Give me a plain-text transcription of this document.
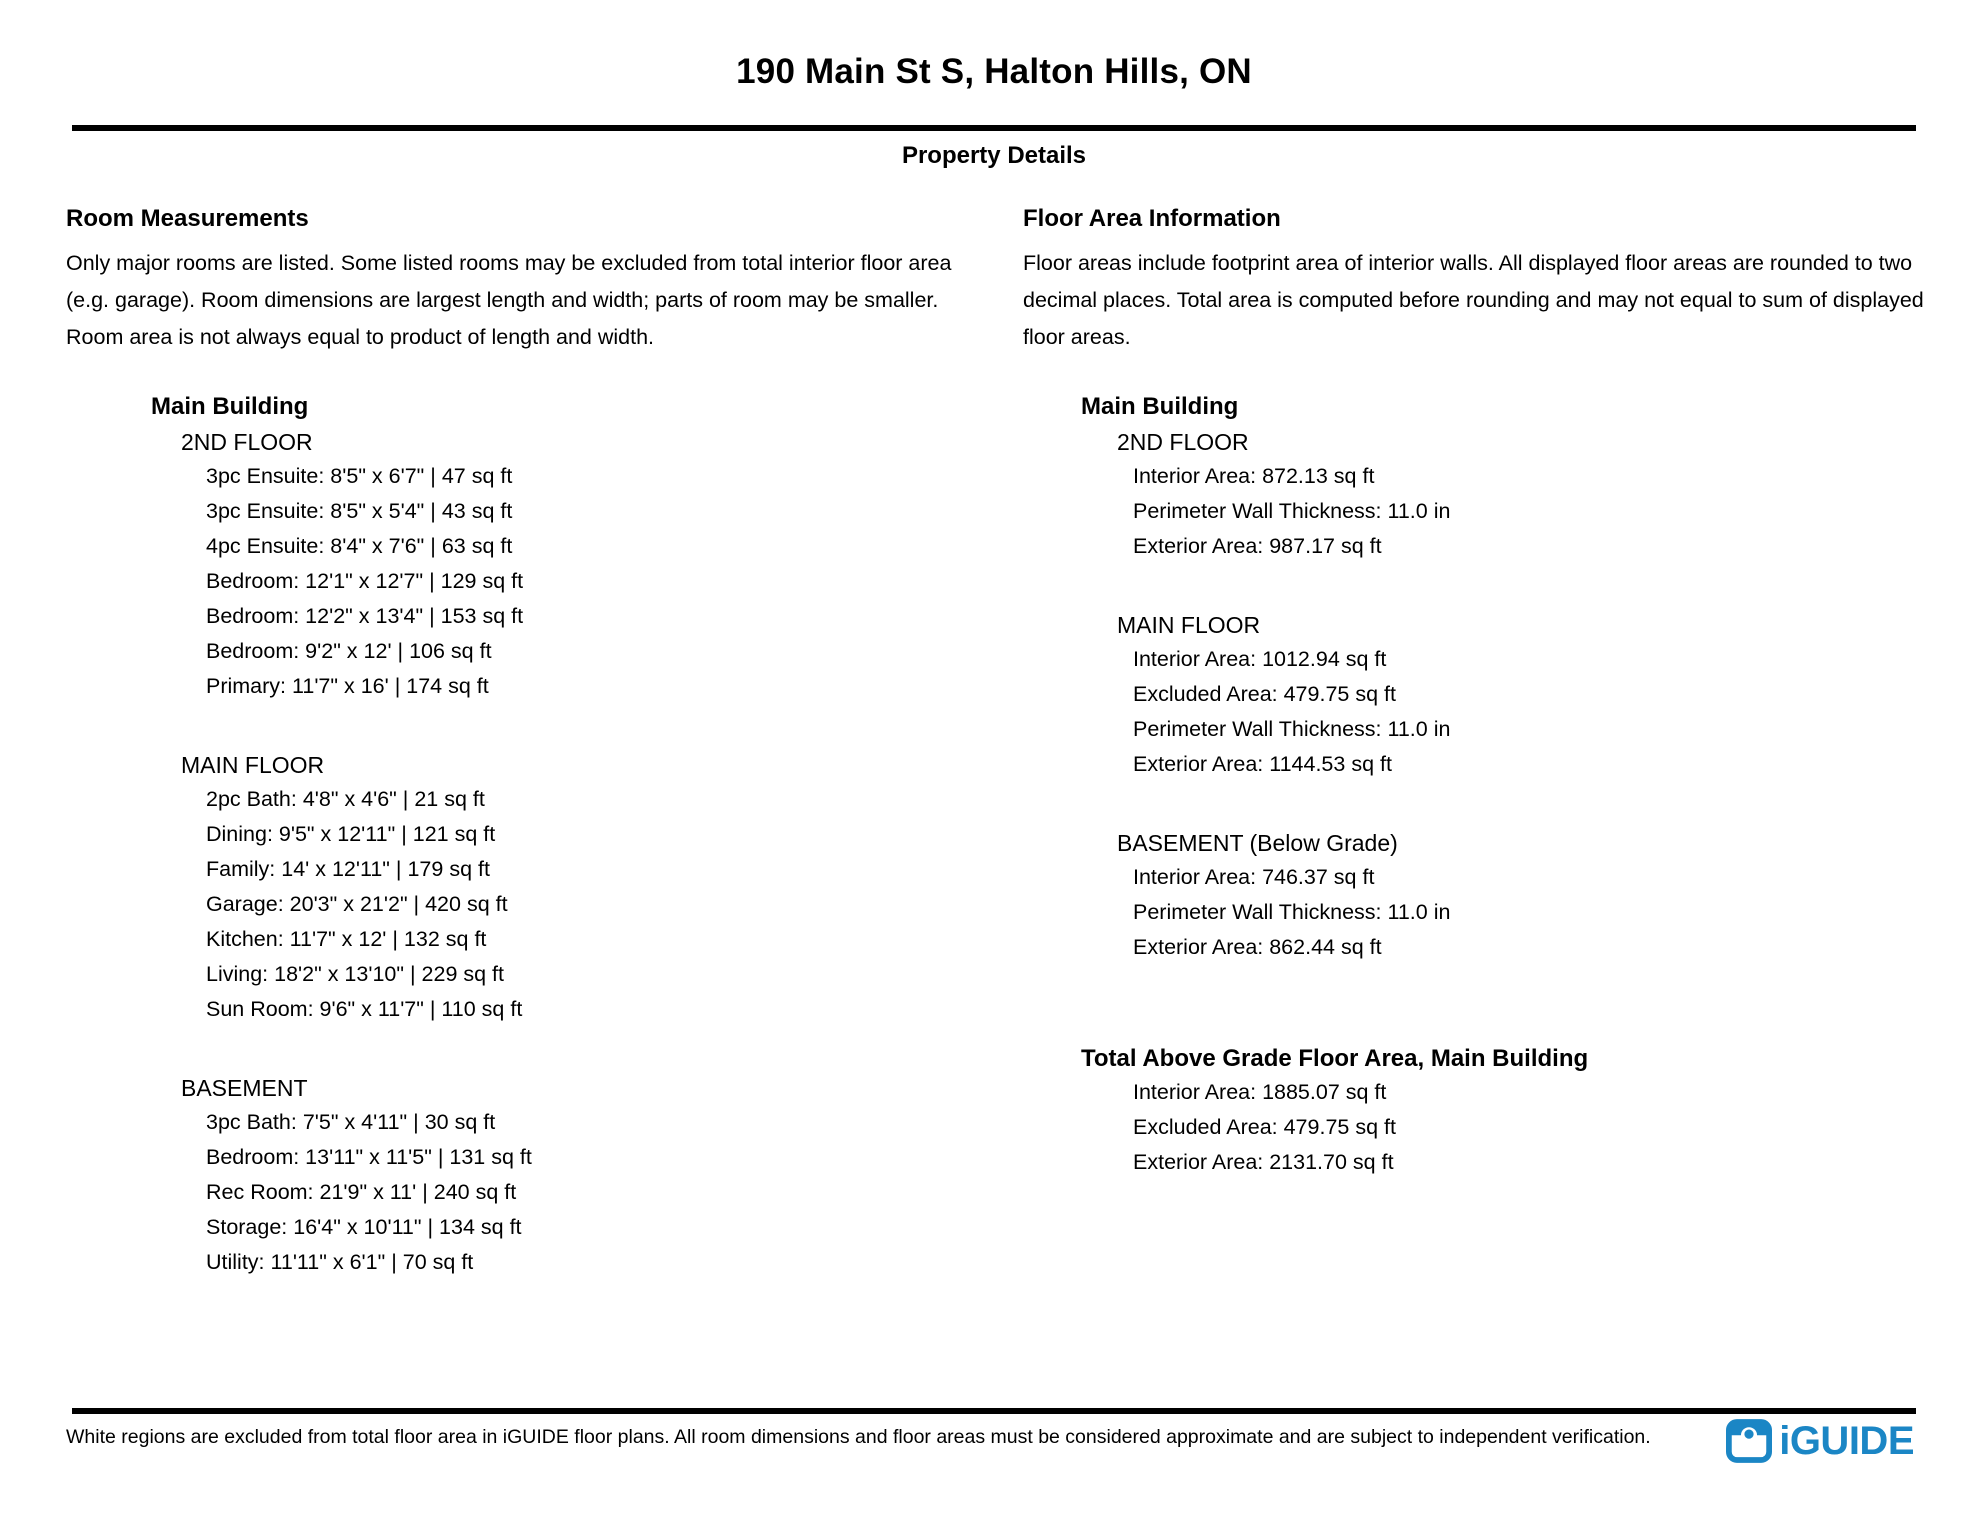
190 Main St S, Halton Hills, ON
Property Details
Room Measurements

Only major rooms are listed. Some listed rooms may be excluded from total interior floor area
(e.g. garage). Room dimensions are largest length and width; parts of room may be smaller.
Room area is not always equal to product of length and width.

Main Building
2ND FLOOR
3pc Ensuite: 8'5" x 6'7" | 47 sq ft
3pc Ensuite: 8'5" x 5'4" | 43 sq ft
4pc Ensuite: 8'4" x 7'6" | 63 sq ft
Bedroom: 12'1" x 12'7" | 129 sq ft
Bedroom: 12'2" x 13'4" | 153 sq ft
Bedroom: 9'2" x 12' | 106 sq ft
Primary: 11'7" x 16' | 174 sq ft
MAIN FLOOR
2pc Bath: 4'8" x 4'6" | 21 sq ft
Dining: 9'5" x 12'11" | 121 sq ft
Family: 14' x 12'11" | 179 sq ft
Garage: 20'3" x 21'2" | 420 sq ft
Kitchen: 11'7" x 12' | 132 sq ft
Living: 18'2" x 13'10" | 229 sq ft
Sun Room: 9'6" x 11'7" | 110 sq ft
BASEMENT
3pc Bath: 7'5" x 4'11" | 30 sq ft
Bedroom: 13'11" x 11'5" | 131 sq ft
Rec Room: 21'9" x 11' | 240 sq ft
Storage: 16'4" x 10'11" | 134 sq ft
Utility: 11'11" x 6'1" | 70 sq ft
Floor Area Information

Floor areas include footprint area of interior walls. All displayed floor areas are rounded to two
decimal places. Total area is computed before rounding and may not equal to sum of displayed
floor areas.

Main Building
2ND FLOOR
Interior Area: 872.13 sq ft
Perimeter Wall Thickness: 11.0 in
Exterior Area: 987.17 sq ft
MAIN FLOOR
Interior Area: 1012.94 sq ft
Excluded Area: 479.75 sq ft
Perimeter Wall Thickness: 11.0 in
Exterior Area: 1144.53 sq ft
BASEMENT (Below Grade)
Interior Area: 746.37 sq ft
Perimeter Wall Thickness: 11.0 in
Exterior Area: 862.44 sq ft
Total Above Grade Floor Area, Main Building
Interior Area: 1885.07 sq ft
Excluded Area: 479.75 sq ft
Exterior Area: 2131.70 sq ft
White regions are excluded from total floor area in iGUIDE floor plans. All room dimensions and floor areas must be considered approximate and are subject to independent verification.	iGUIDE
